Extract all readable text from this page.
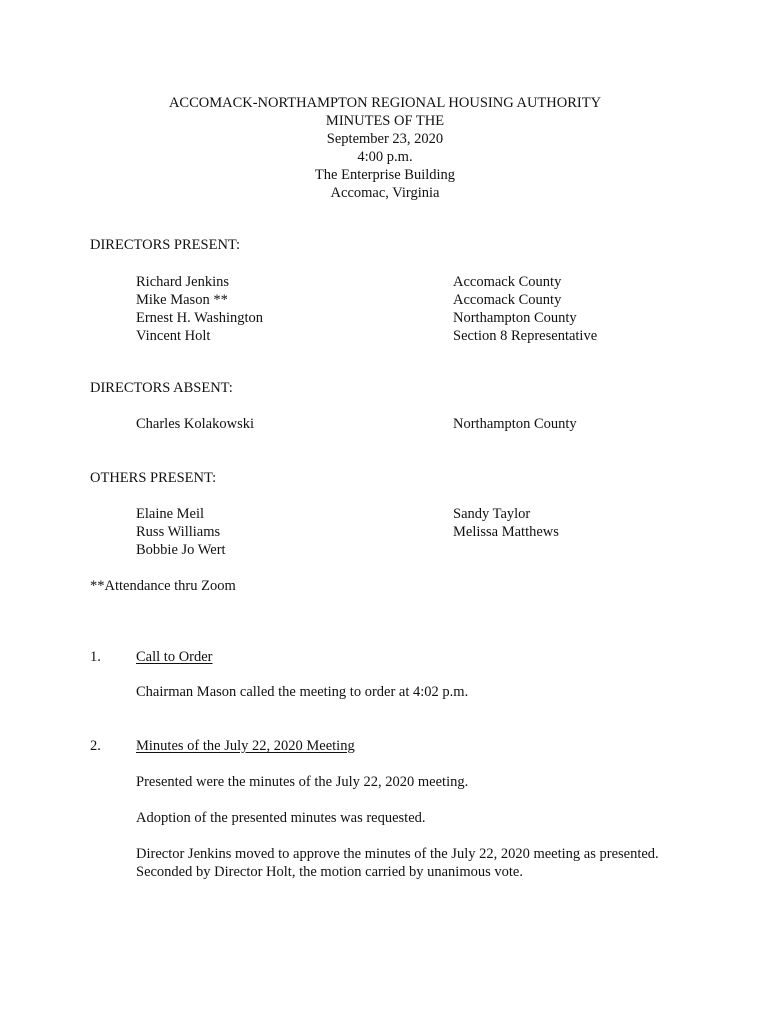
ACCOMACK-NORTHAMPTON REGIONAL HOUSING AUTHORITY
MINUTES OF THE
September 23, 2020
4:00 p.m.
The Enterprise Building
Accomac, Virginia
DIRECTORS PRESENT:
Richard Jenkins
Mike Mason **
Ernest H. Washington
Vincent Holt
Accomack County
Accomack County
Northampton County
Section 8 Representative
DIRECTORS ABSENT:
Charles Kolakowski	Northampton County
OTHERS PRESENT:
Elaine Meil
Russ Williams
Bobbie Jo Wert
Sandy Taylor
Melissa Matthews
**Attendance thru Zoom
1. Call to Order
Chairman Mason called the meeting to order at 4:02 p.m.
2. Minutes of the July 22, 2020 Meeting
Presented were the minutes of the July 22, 2020 meeting.
Adoption of the presented minutes was requested.
Director Jenkins moved to approve the minutes of the July 22, 2020 meeting as presented.
Seconded by Director Holt, the motion carried by unanimous vote.
